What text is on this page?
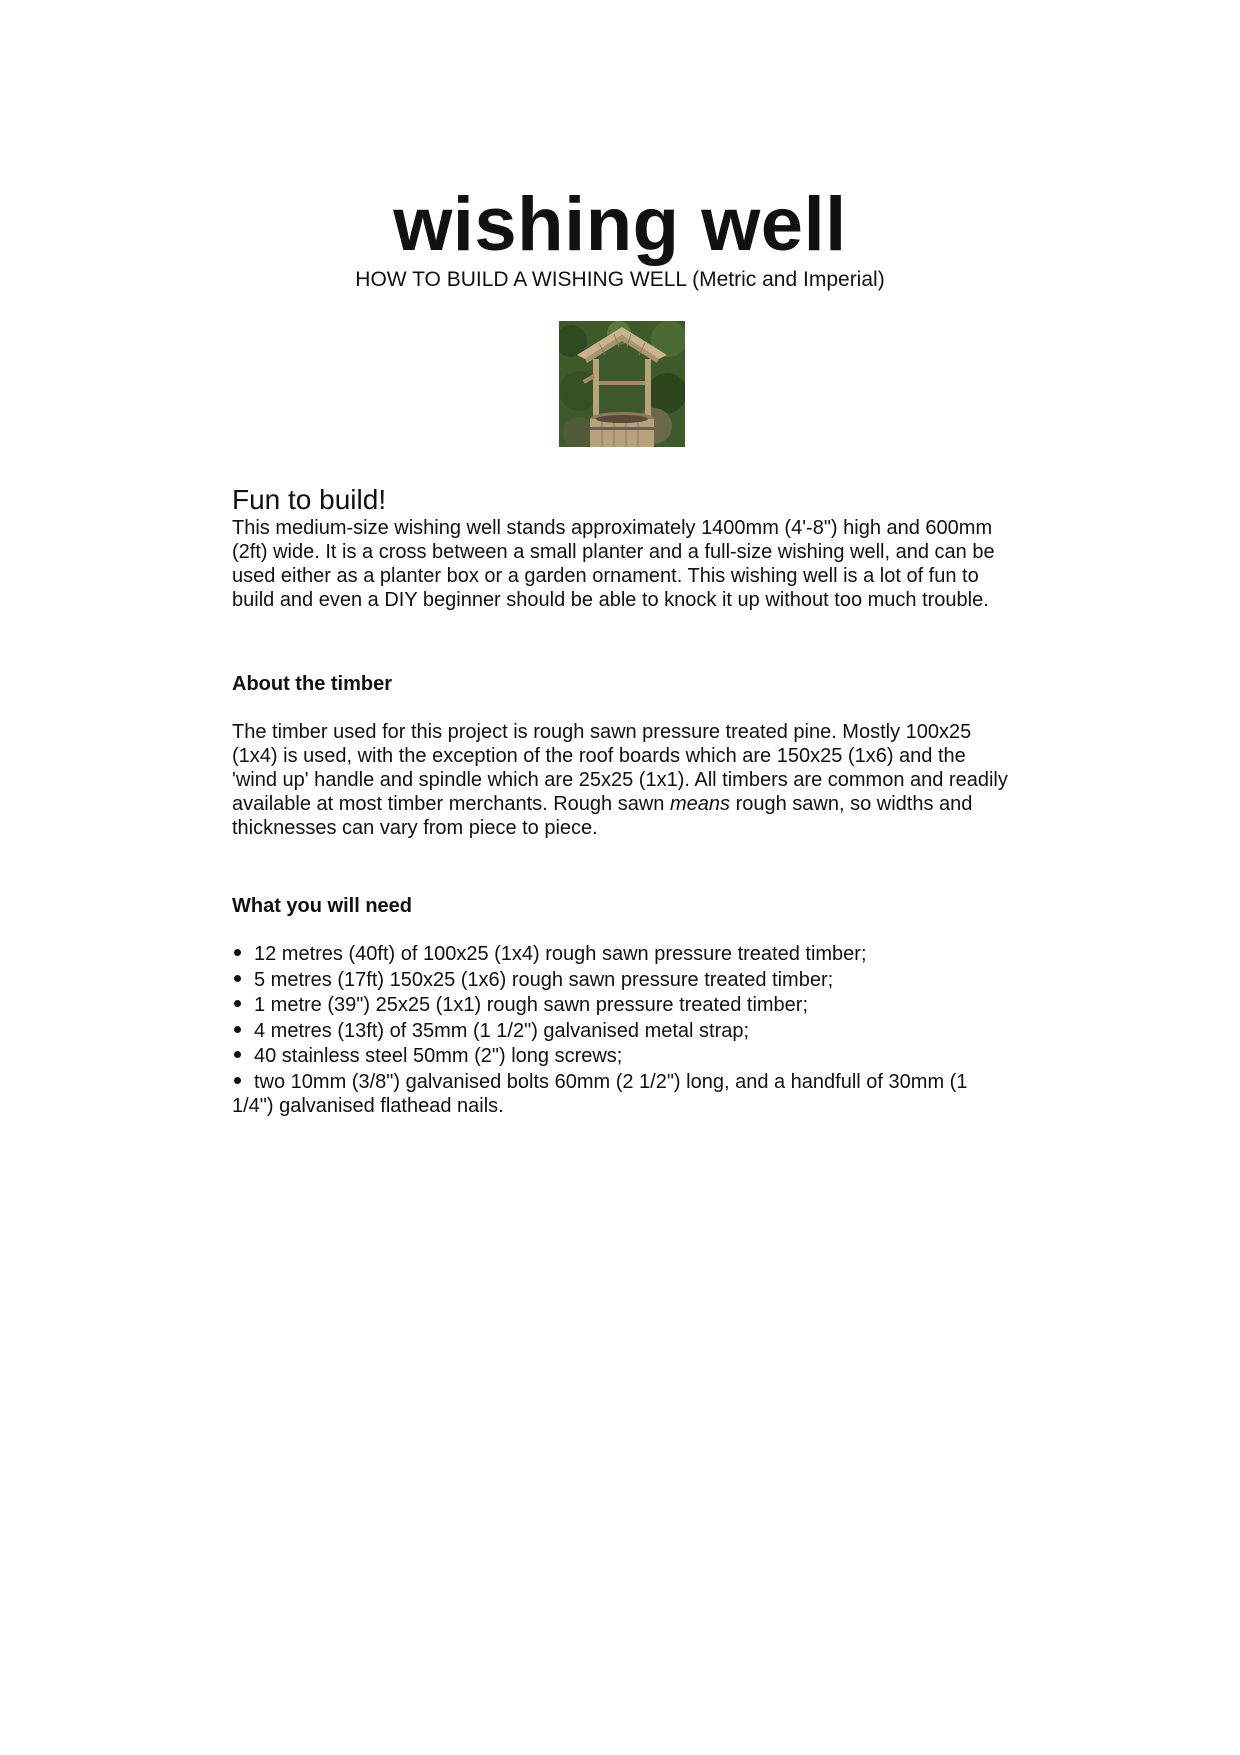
wishing well
HOW TO BUILD A WISHING WELL (Metric and Imperial)
Fun to build!

This medium-size wishing well stands approximately 1400mm (4'-8") high and 600mm (2ft) wide. It is a cross between a small planter and a full-size wishing well, and can be used either as a planter box or a garden ornament. This wishing well is a lot of fun to build and even a DIY beginner should be able to knock it up without too much trouble.

About the timber

The timber used for this project is rough sawn pressure treated pine. Mostly 100x25 (1x4) is used, with the exception of the roof boards which are 150x25 (1x6) and the 'wind up' handle and spindle which are 25x25 (1x1). All timbers are common and readily available at most timber merchants. Rough sawn means rough sawn, so widths and thicknesses can vary from piece to piece.

What you will need
12 metres (40ft) of 100x25 (1x4) rough sawn pressure treated timber;
5 metres (17ft) 150x25 (1x6) rough sawn pressure treated timber;
1 metre (39") 25x25 (1x1) rough sawn pressure treated timber;
4 metres (13ft) of 35mm (1 1/2") galvanised metal strap;
40 stainless steel 50mm (2") long screws;
two 10mm (3/8") galvanised bolts 60mm (2 1/2") long, and a handfull of 30mm (1 1/4") galvanised flathead nails.
